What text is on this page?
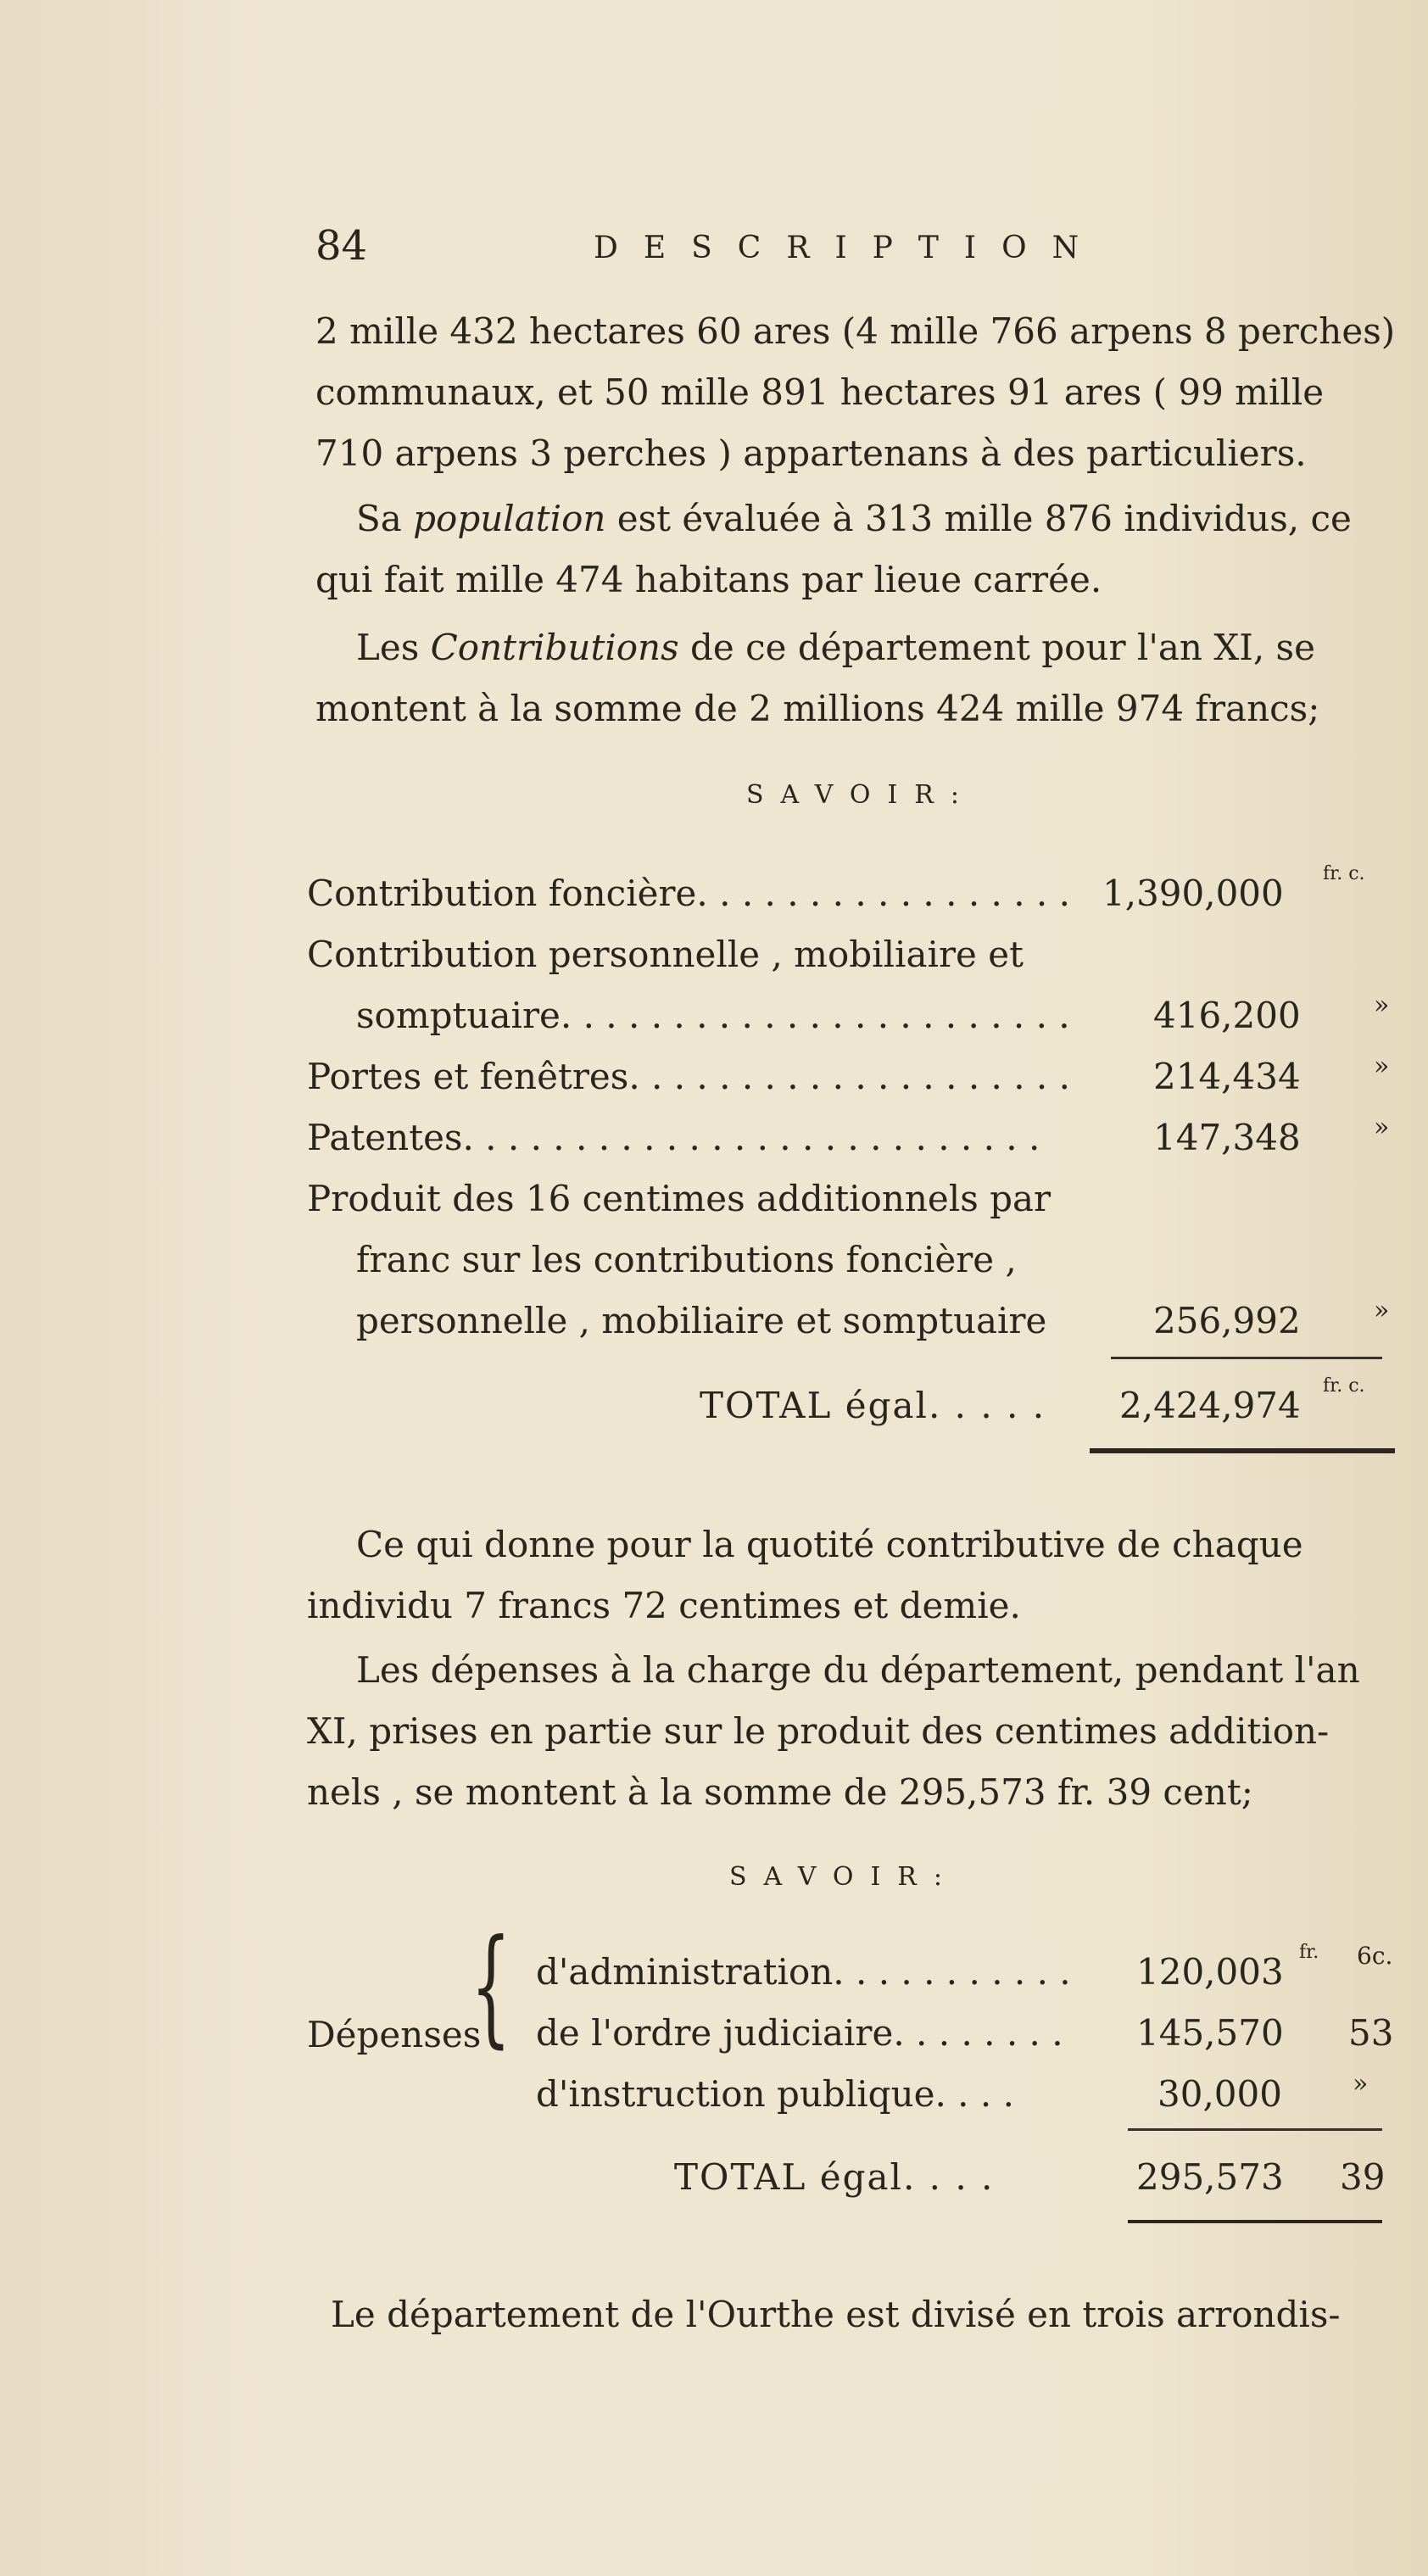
84	DESCRIPTION
2 mille 432 hectares 60 ares (4 mille 766 arpens 8 perches)
communaux, et 50 mille 891 hectares 91 ares ( 99 mille
710 arpens 3 perches ) appartenans à des particuliers.
Sa population est évaluée à 313 mille 876 individus, ce
qui fait mille 474 habitans par lieue carrée.
Les Contributions de ce département pour l'an XI, se
montent à la somme de 2 millions 424 mille 974 francs;
SAVOIR:
Contribution foncière. . . . . . . . . . . . . . . . . 1,390,000 fr. c.
Contribution personnelle , mobiliaire et
somptuaire. . . . . . . . . . . . . . . . . . . . . . . 416,200	»
Portes et fenêtres. . . . . . . . . . . . . . . . . . . . 214,434	»
Patentes. . . . . . . . . . . . . . . . . . . . . . . . . .	147,348	»
Produit des 16 centimes additionnels par
franc sur les contributions foncière ,
personnelle , mobiliaire et somptuaire	256,992	»
TOTAL égal. . . . . 2,424,974 fr. c.
Ce qui donne pour la quotité contributive de chaque
individu 7 francs 72 centimes et demie.
Les dépenses à la charge du département, pendant l'an
XI, prises en partie sur le produit des centimes addition-
nels , se montent à la somme de 295,573 fr. 39 cent;
SAVOIR:
Dépenses
{ d'administration. . . . . . . . . . . 120,003 fr. 6c.
de l'ordre judiciaire. . . . . . . . 145,570 53
d'instruction publique. . . .	30,000	»
TOTAL égal. . . .	295,573 39
Le département de l'Ourthe est divisé en trois arrondis-
